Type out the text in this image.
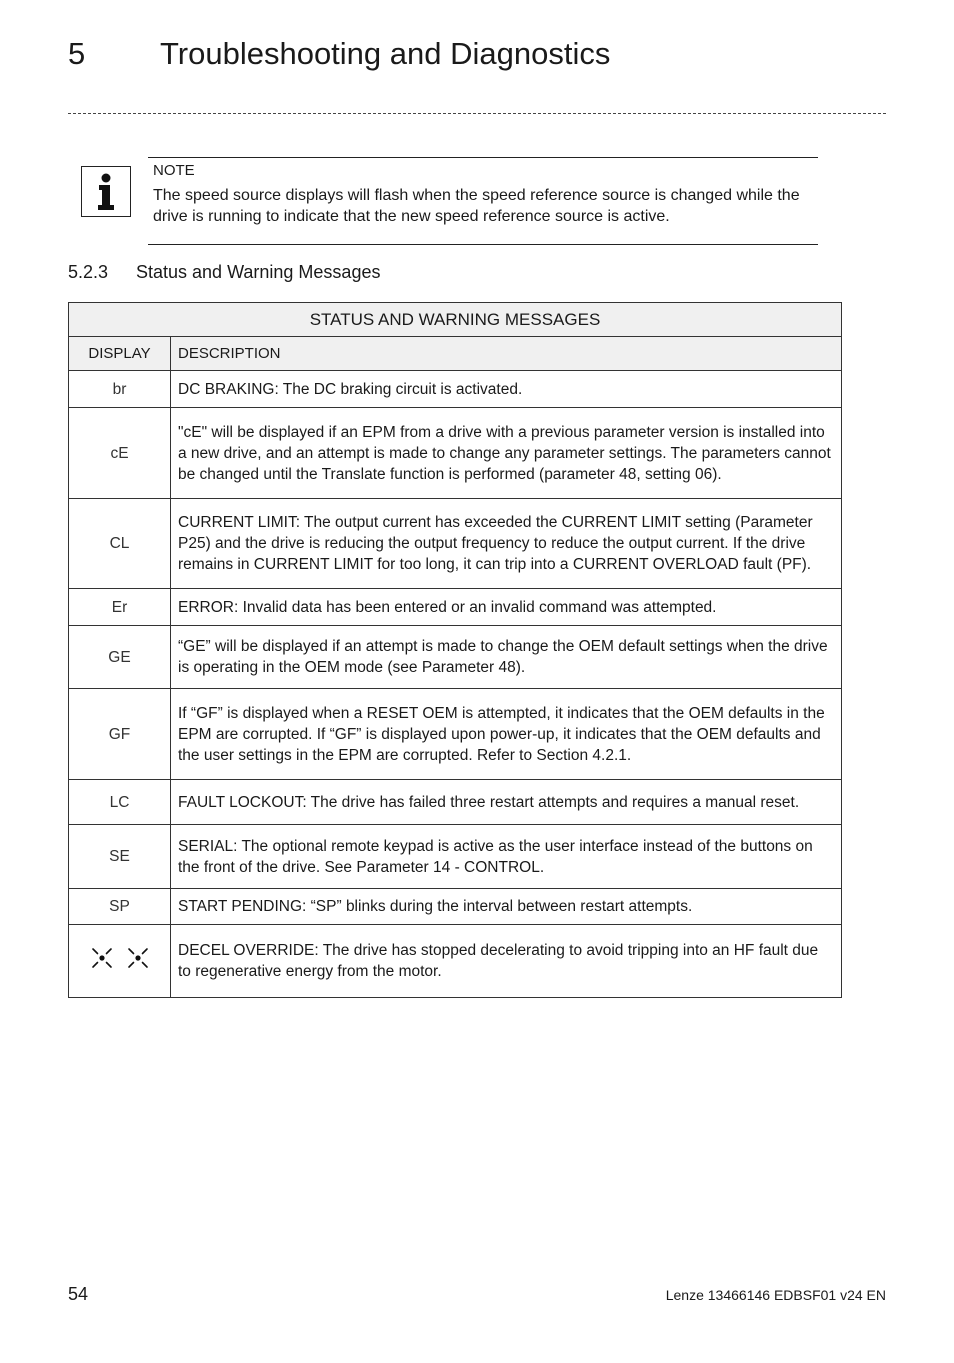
5 Troubleshooting and Diagnostics
NOTE
The speed source displays will flash when the speed reference source is changed while the drive is running to indicate that the new speed reference source is active.
5.2.3 Status and Warning Messages
STATUS AND WARNING MESSAGES	
DISPLAY	DESCRIPTION
br	DC BRAKING: The DC braking circuit is activated.
cE	"cE" will be displayed if an EPM from a drive with a previous parameter version is installed into a new drive, and an attempt is made to change any parameter settings. The parameters cannot be changed until the Translate function is performed (parameter 48, setting 06).
CL	CURRENT LIMIT: The output current has exceeded the CURRENT LIMIT setting (Parameter P25) and the drive is reducing the output frequency to reduce the output current. If the drive remains in CURRENT LIMIT for too long, it can trip into a CURRENT OVERLOAD fault (PF).
Er	ERROR: Invalid data has been entered or an invalid command was attempted.
GE	“GE” will be displayed if an attempt is made to change the OEM default settings when the drive is operating in the OEM mode (see Parameter 48).
GF	If “GF” is displayed when a RESET OEM is attempted, it indicates that the OEM defaults in the EPM are corrupted. If “GF” is displayed upon power-up, it indicates that the OEM defaults and the user settings in the EPM are corrupted. Refer to Section 4.2.1.
LC	FAULT LOCKOUT: The drive has failed three restart attempts and requires a manual reset.
SE	SERIAL: The optional remote keypad is active as the user interface instead of the buttons on the front of the drive. See Parameter 14 - CONTROL.
SP	START PENDING: “SP” blinks during the interval between restart attempts.
	DECEL OVERRIDE: The drive has stopped decelerating to avoid tripping into an HF fault due to regenerative energy from the motor.
54	Lenze 13466146 EDBSF01 v24 EN
